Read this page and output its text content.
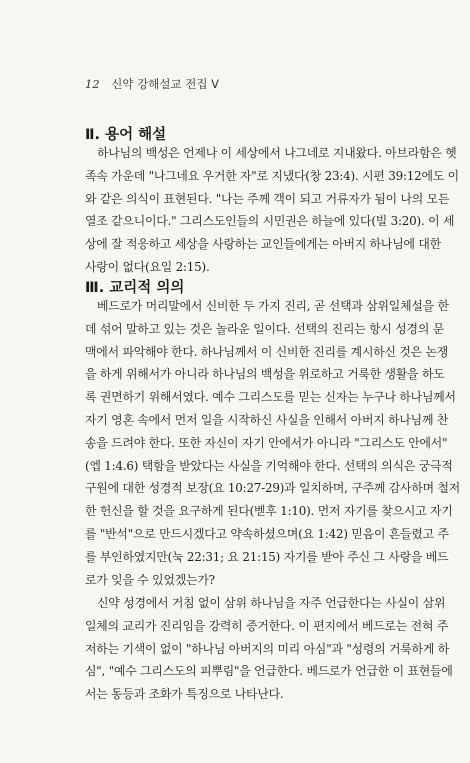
12 신약 강해설교 전집 Ⅴ
Ⅱ. 용어 해설
하나님의 백성은 언제나 이 세상에서 나그네로 지내왔다. 아브라함은 헷
족속 가운데 "나그네요 우거한 자"로 지냈다(창 23:4). 시편 39:12에도 이
와 같은 의식이 표현된다. "나는 주께 객이 되고 거류자가 됨이 나의 모든
열조 같으니이다." 그리스도인들의 시민권은 하늘에 있다(빌 3:20). 이 세
상에 잘 적응하고 세상을 사랑하는 교인들에게는 아버지 하나님에 대한
사랑이 없다(요일 2:15).
Ⅲ. 교리적 의의
베드로가 머리말에서 신비한 두 가지 진리, 곧 선택과 삼위일체설을 한
데 섞어 말하고 있는 것은 놀라운 일이다. 선택의 진리는 항시 성경의 문
맥에서 파악해야 한다. 하나님께서 이 신비한 진리를 계시하신 것은 논쟁
을 하게 위해서가 아니라 하나님의 백성을 위로하고 거룩한 생활을 하도
록 권면하기 위해서였다. 예수 그리스도를 믿는 신자는 누구나 하나님께서
자기 영혼 속에서 먼저 일을 시작하신 사실을 인해서 아버지 하나님께 찬
송을 드려야 한다. 또한 자신이 자기 안에서가 아니라 "그리스도 안에서"
(엡 1:4.6) 택함을 받았다는 사실을 기억해야 한다. 선택의 의식은 궁극적
구원에 대한 성경적 보장(요 10:27-29)과 일치하며, 구주께 감사하며 철저
한 헌신을 할 것을 요구하게 된다(벧후 1:10). 먼저 자기를 찾으시고 자기
를 "반석"으로 만드시겠다고 약속하셨으며(요 1:42) 믿음이 흔들렸고 주
를 부인하였지만(눅 22:31; 요 21:15) 자기를 받아 주신 그 사랑을 베드
로가 잊을 수 있었겠는가?
신약 성경에서 거침 없이 삼위 하나님을 자주 언급한다는 사실이 삼위
일체의 교리가 진리임을 강력히 증거한다. 이 편지에서 베드로는 전혀 주
저하는 기색이 없이 "하나님 아버지의 미리 아심"과 "성령의 거룩하게 하
심", "예수 그리스도의 피뿌림"을 언급한다. 베드로가 언급한 이 표현들에
서는 동등과 조화가 특징으로 나타난다.
